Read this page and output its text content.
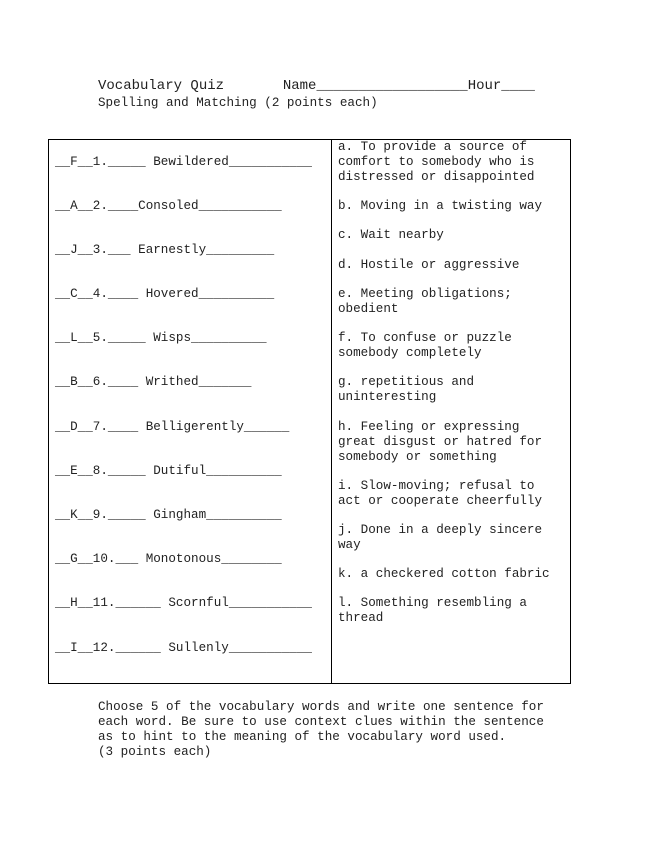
Vocabulary Quiz	Name__________________Hour____
Spelling and Matching (2 points each)
__F__1._____ Bewildered___________
__A__2.____Consoled___________
__J__3.___ Earnestly_________
__C__4.____ Hovered__________
__L__5._____ Wisps__________
__B__6.____ Writhed_______
__D__7.____ Belligerently______
__E__8._____ Dutiful__________
__K__9._____ Gingham__________
__G__10.___ Monotonous________
__H__11.______ Scornful___________
__I__12.______ Sullenly___________
a. To provide a source of
comfort to somebody who is
distressed or disappointed
b. Moving in a twisting way
c. Wait nearby
d. Hostile or aggressive
e. Meeting obligations;
obedient
f. To confuse or puzzle
somebody completely
g. repetitious and
uninteresting
h. Feeling or expressing
great disgust or hatred for
somebody or something
i. Slow-moving; refusal to
act or cooperate cheerfully
j. Done in a deeply sincere
way
k. a checkered cotton fabric
l. Something resembling a
thread
Choose 5 of the vocabulary words and write one sentence for
each word. Be sure to use context clues within the sentence
as to hint to the meaning of the vocabulary word used.
(3 points each)
